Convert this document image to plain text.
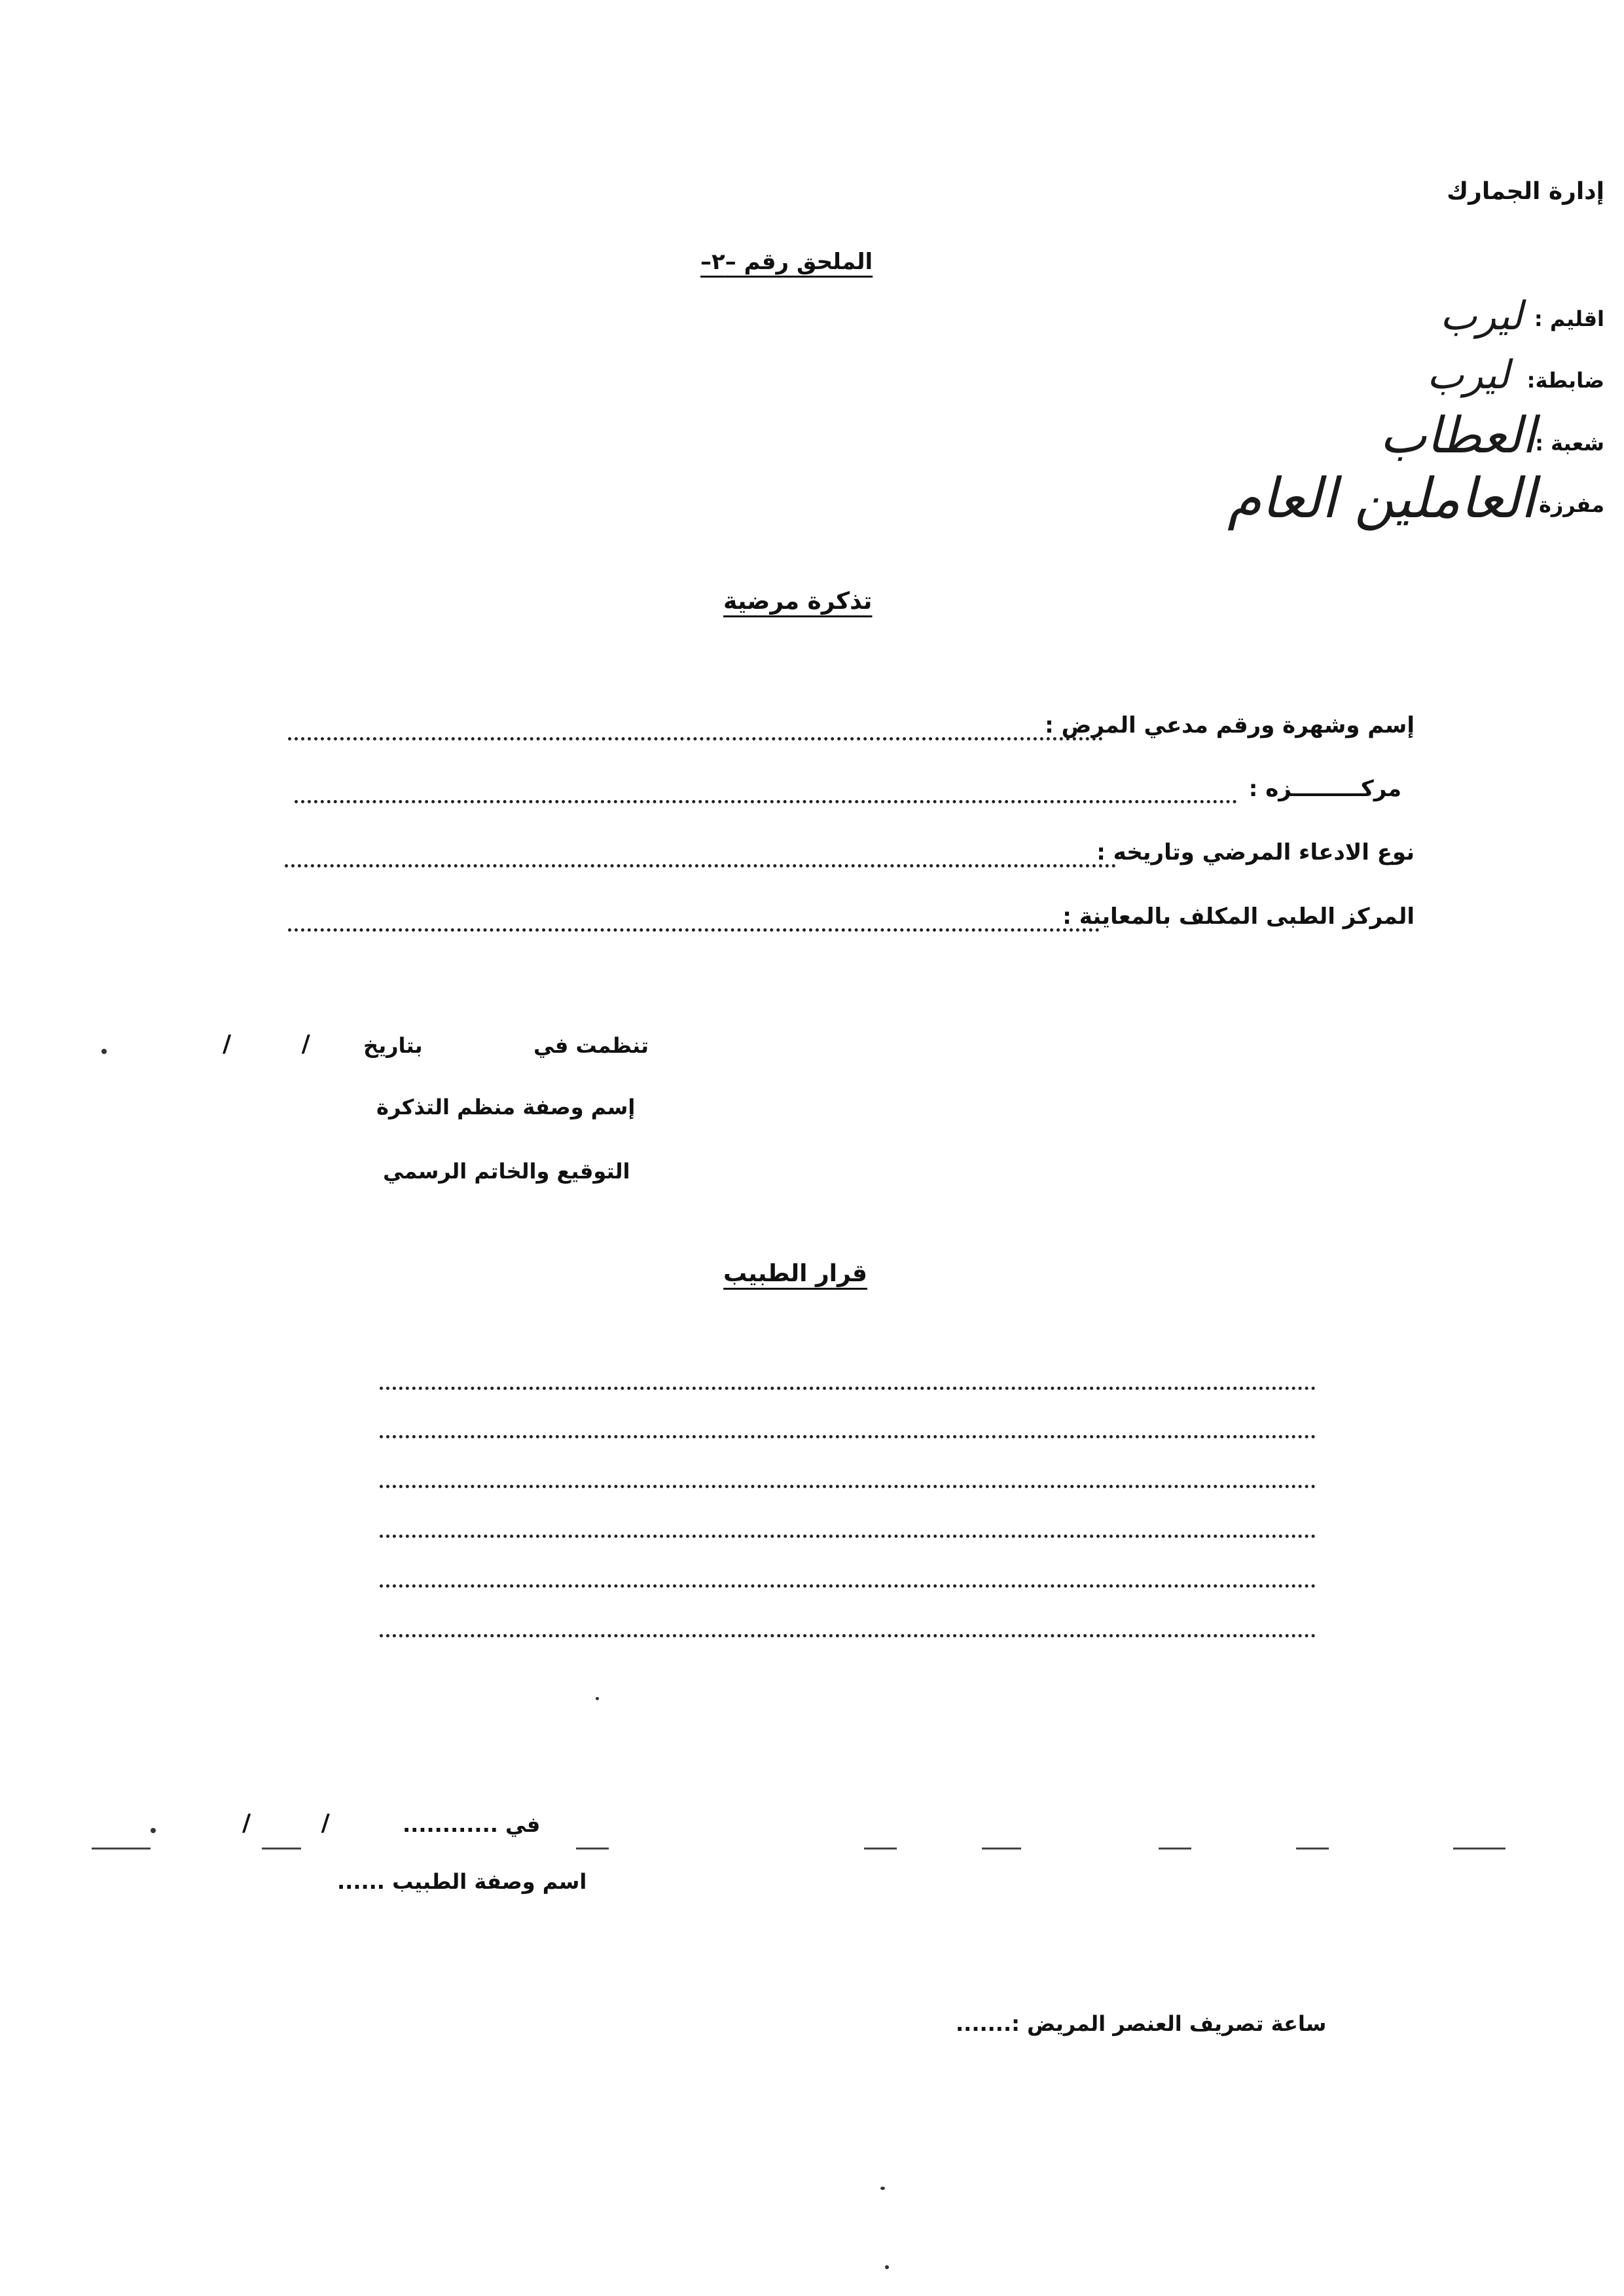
إدارة الجمارك
الملحق رقم –٢–
اقليم :
ليرب
ضابطة:
ليرب
شعبة :
العطاب
مفرزة
العاملين العام
تذكرة مرضية
إسم وشهرة ورقم مدعي المرض :
مركـــــــــزه :
نوع الادعاء المرضي وتاريخه :
المركز الطبى المكلف بالمعاينة :
تنظمت في
بتاريخ
/ /
إسم وصفة منظم التذكرة
التوقيع والخاتم الرسمي
قرار الطبيب
في ............
/ /
اسم وصفة الطبيب ......
ساعة تصريف العنصر المريض :.......
